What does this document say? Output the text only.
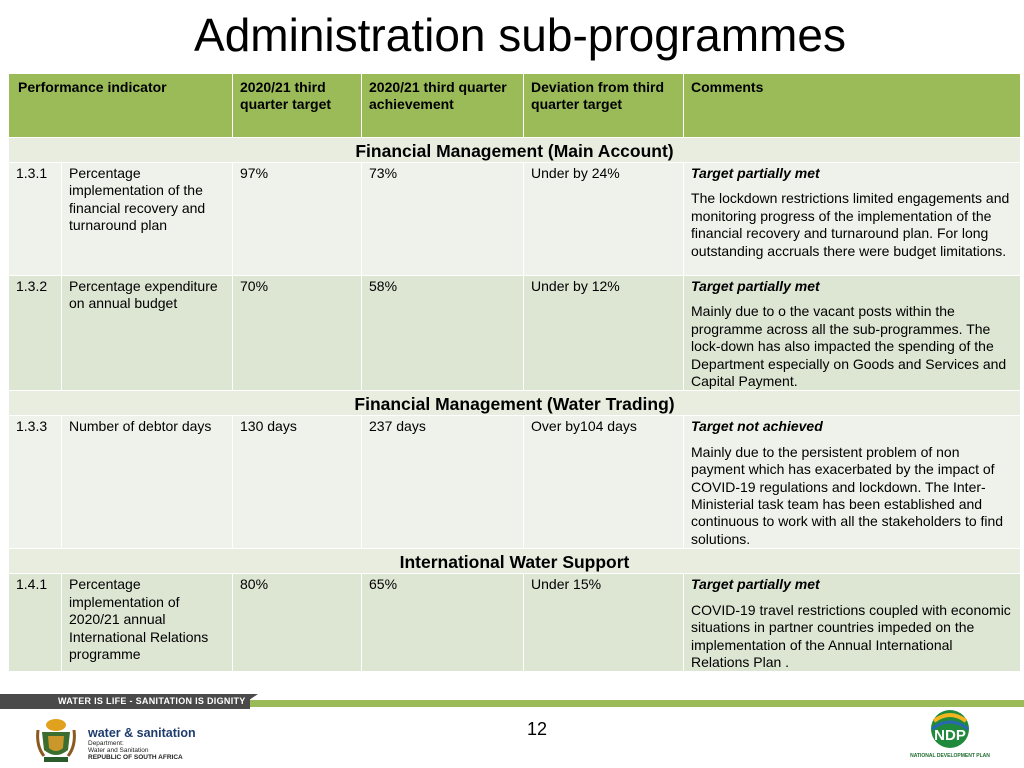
Administration sub-programmes
Performance indicator		2020/21 third quarter target	2020/21 third quarter achievement	Deviation from third quarter target	Comments
Financial Management (Main Account)					
1.3.1	Percentage implementation of the financial recovery and turnaround plan	97%	73%	Under by 24%	Target partially met
The lockdown restrictions limited engagements and monitoring progress of the implementation of the financial recovery and turnaround plan. For long outstanding accruals there were budget limitations.
1.3.2	Percentage expenditure on annual budget	70%	58%	Under by 12%	Target partially met
Mainly due to o the vacant posts within the programme across all the sub-programmes. The lock-down has also impacted the spending of the Department especially on Goods and Services and Capital Payment.
Financial Management (Water Trading)					
1.3.3	Number of debtor days	130 days	237 days	Over by104 days	Target not achieved
Mainly due to the persistent problem of non payment which has exacerbated by the impact of COVID-19 regulations and lockdown. The Inter-Ministerial task team has been established and continuous to work with all the stakeholders to find solutions.
International Water Support					
1.4.1	Percentage implementation of 2020/21 annual International Relations programme	80%	65%	Under 15%	Target partially met
COVID-19 travel restrictions coupled with economic situations in partner countries impeded on the implementation of the Annual International Relations Plan .
WATER IS LIFE - SANITATION IS DIGNITY
water & sanitation
Department:
Water and Sanitation
REPUBLIC OF SOUTH AFRICA
12	NDP
NATIONAL DEVELOPMENT PLAN
